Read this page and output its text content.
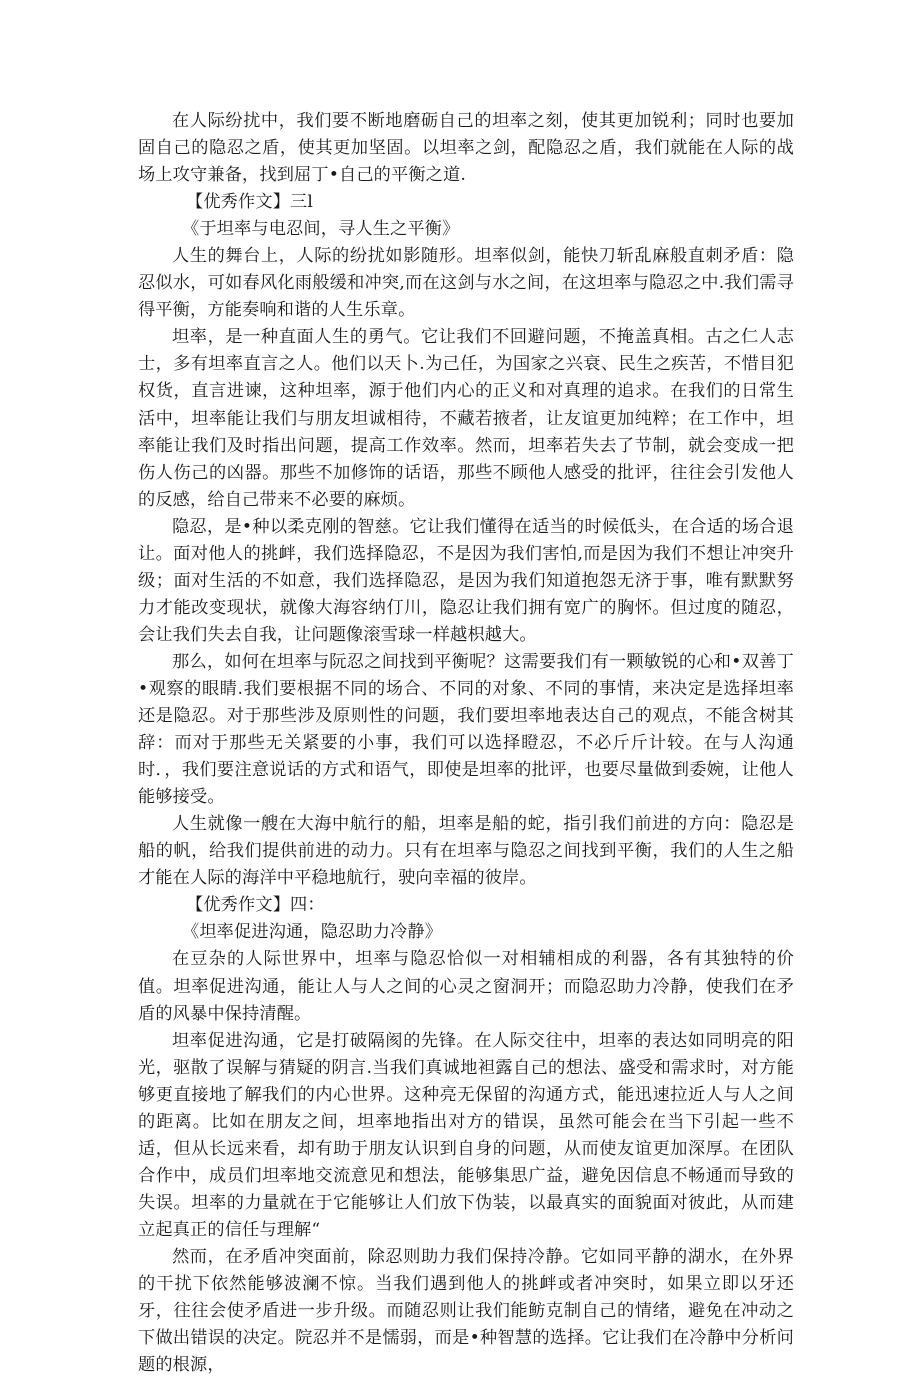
在人际纷扰中，我们要不断地磨砺自己的坦率之刻，使其更加锐利；同时也要加固自己的隐忍之盾，使其更加坚固。以坦率之剑，配隐忍之盾，我们就能在人际的战场上攻守兼备，找到屈丁•自己的平衡之道.

【优秀作文】三l

《于坦率与电忍间，寻人生之平衡》

人生的舞台上，人际的纷扰如影随形。坦率似剑，能快刀斩乱麻般直刺矛盾：隐忍似水，可如春风化雨般缓和冲突,而在这剑与水之间，在这坦率与隐忍之中.我们需寻得平衡，方能奏响和谐的人生乐章。

坦率，是一种直面人生的勇气。它让我们不回避问题，不掩盖真相。古之仁人志士，多有坦率直言之人。他们以天卜.为己任，为国家之兴衰、民生之疾苦，不惜目犯权货，直言进谏，这种坦率，源于他们内心的正义和对真理的追求。在我们的日常生活中，坦率能让我们与朋友坦诚相待，不藏若掖者，让友谊更加纯粹；在工作中，坦率能让我们及时指出问题，提高工作效率。然而，坦率若失去了节制，就会变成一把伤人伤己的凶器。那些不加修饰的话语，那些不顾他人感受的批评，往往会引发他人的反感，给自己带来不必要的麻烦。

隐忍，是•种以柔克刚的智慈。它让我们懂得在适当的时候低头，在合适的场合退让。面对他人的挑衅，我们选择隐忍，不是因为我们害怕,而是因为我们不想让冲突升级；面对生活的不如意，我们选择隐忍，是因为我们知道抱怨无济于事，唯有默默努力才能改变现状，就像大海容纳仃川，隐忍让我们拥有宽广的胸怀。但过度的随忍，会让我们失去自我，让问题像滚雪球一样越枳越大。

那么，如何在坦率与阮忍之间找到平衡呢？这需要我们有一颗敏锐的心和•双善丁•观察的眼睛.我们要根据不同的场合、不同的对象、不同的事情，来决定是选择坦率还是隐忍。对于那些涉及原则性的问题，我们要坦率地表达自己的观点，不能含树其辞：而对于那些无关紧要的小事，我们可以选择瞪忍，不必斤斤计较。在与人沟通时．，我们要注意说话的方式和语气，即使是坦率的批评，也要尽量做到委婉，让他人能够接受。

人生就像一艘在大海中航行的船，坦率是船的蛇，指引我们前进的方向：隐忍是船的帆，给我们提供前进的动力。只有在坦率与隐忍之间找到平衡，我们的人生之船才能在人际的海洋中平稳地航行，驶向幸福的彼岸。

【优秀作文】四：

《坦率促进沟通，隐忍助力冷静》

在豆杂的人际世界中，坦率与隐忍恰似一对相辅相成的利器，各有其独特的价值。坦率促进沟通，能让人与人之间的心灵之窗洞开；而隐忍助力冷静，使我们在矛盾的风暴中保持清醒。

坦率促进沟通，它是打破隔阂的先锋。在人际交往中，坦率的表达如同明亮的阳光，驱散了误解与猜疑的阴言.当我们真诚地袒露自己的想法、盛受和需求时，对方能够更直接地了解我们的内心世界。这种亮无保留的沟通方式，能迅速拉近人与人之间的距离。比如在朋友之间，坦率地指出对方的错误，虽然可能会在当下引起一些不适，但从长远来看，却有助于朋友认识到自身的问题，从而使友谊更加深厚。在团队合作中，成员们坦率地交流意见和想法，能够集思广益，避免因信息不畅通而导致的失误。坦率的力量就在于它能够让人们放下伪装，以最真实的面貌面对彼此，从而建立起真正的信任与理解“

然而，在矛盾冲突面前，除忍则助力我们保持冷静。它如同平静的湖水，在外界的干扰下依然能够波澜不惊。当我们遇到他人的挑衅或者冲突时，如果立即以牙还牙，往往会使矛盾进一步升级。而随忍则让我们能鲂克制自己的情绪，避免在冲动之下做出错误的决定。院忍并不是懦弱，而是•种智慧的选择。它让我们在冷静中分析问题的根源，
